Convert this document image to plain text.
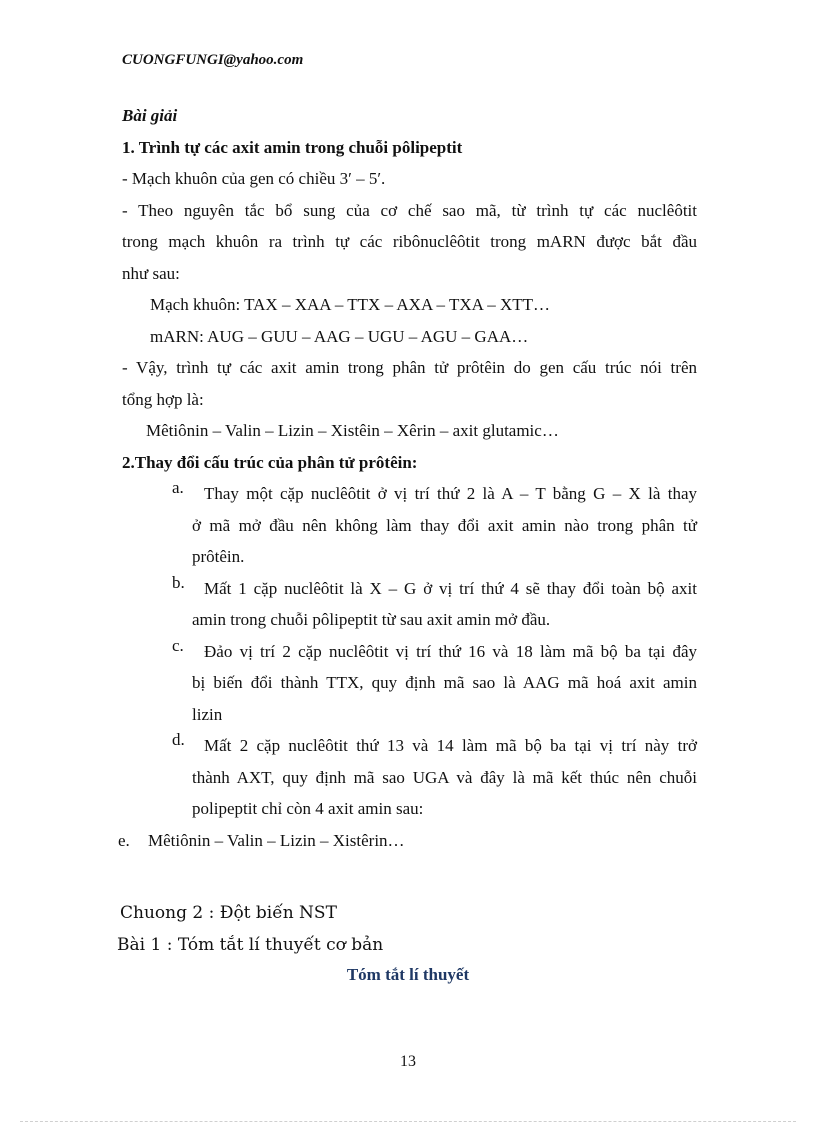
CUONGFUNGI@yahoo.com

Bài giải

1. Trình tự các axit amin trong chuỗi pôlipeptit

- Mạch khuôn của gen có chiều 3′ – 5′.

- Theo nguyên tắc bổ sung của cơ chế sao mã, từ trình tự các nuclêôtit

trong mạch khuôn ra trình tự các ribônuclêôtit trong mARN được bắt đầu

như sau:

Mạch khuôn: TAX – XAA – TTX – AXA – TXA – XTT…

mARN: AUG – GUU – AAG – UGU – AGU – GAA…

- Vậy, trình tự các axit amin trong phân tử prôtêin do gen cấu trúc nói trên

tổng hợp là:

Mêtiônin – Valin – Lizin – Xistêin – Xêrin – axit glutamic…

2.Thay đổi cấu trúc của phân tử prôtêin:

a.	Thay một cặp nuclêôtit ở vị trí thứ 2 là A – T bằng G – X là thay
ở mã mở đầu nên không làm thay đổi axit amin nào trong phân tử
prôtêin.
b.	Mất 1 cặp nuclêôtit là X – G ở vị trí thứ 4 sẽ thay đổi toàn bộ axit
amin trong chuỗi pôlipeptit từ sau axit amin mở đầu.
c.	Đảo vị trí 2 cặp nuclêôtit vị trí thứ 16 và 18 làm mã bộ ba tại đây
bị biến đổi thành TTX, quy định mã sao là AAG mã hoá axit amin
lizin
d.	Mất 2 cặp nuclêôtit thứ 13 và 14 làm mã bộ ba tại vị trí này trở
thành AXT, quy định mã sao UGA và đây là mã kết thúc nên chuỗi
polipeptit chỉ còn 4 axit amin sau:

e. Mêtiônin – Valin – Lizin – Xistêrin…

Chuong 2 : Đột biến NST
Bài 1 : Tóm tắt lí thuyết cơ bản
Tóm tắt lí thuyết
13
